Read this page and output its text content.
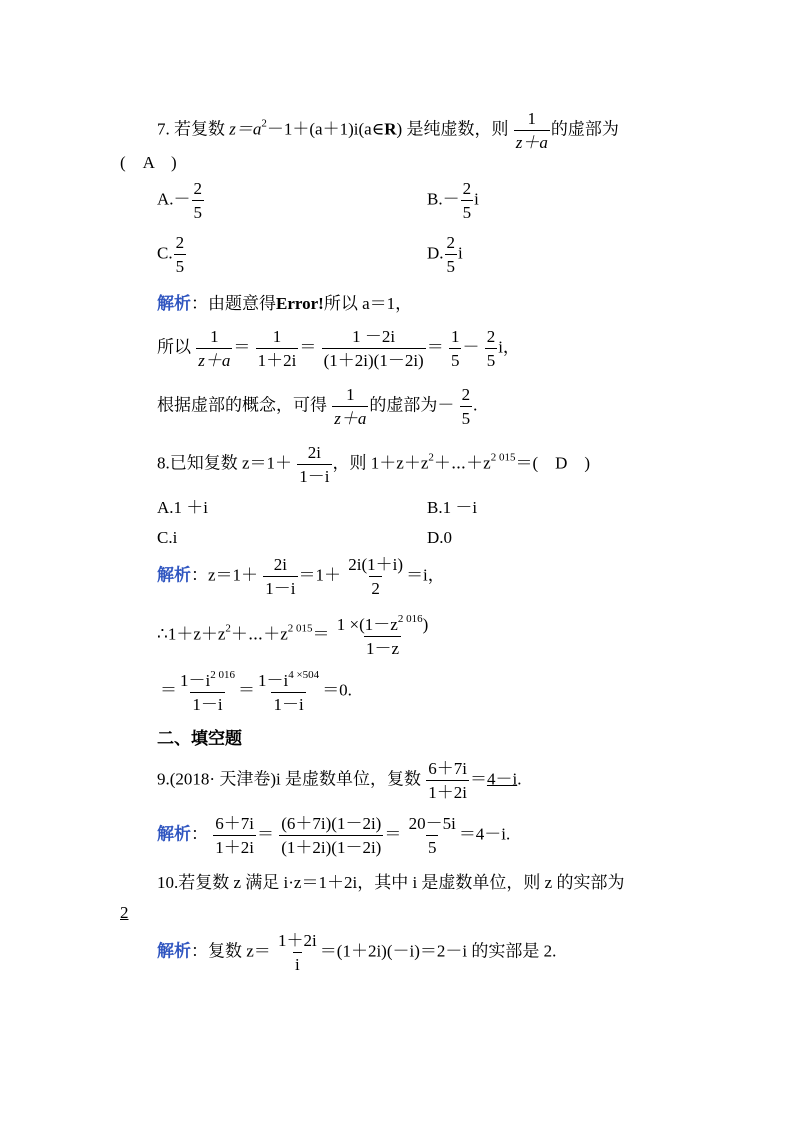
7. 若复数 $z=a^2-1+(a+1)i(a\in R)$ 是纯虚数，则 $\frac{1}{z+a}$ 的虚部为
(　A　)
$A.- \frac{2}{5}$	$B.- \frac{2}{5}$ i
C. $\frac{2}{5}$	D. $\frac{2}{5}$ i
解析：由题意得Error!所以 a＝1，
所以 $\frac{1}{z+a} = \frac{1}{1+2i} = \frac{1 -2i}{(1+2i)(1-2i)} = \frac{1}{5} - \frac{2}{5}$ i，
根据虚部的概念，可得 $\frac{1}{z+a}$ 的虚部为－ $\frac{2}{5}$ .
8.已知复数 $z=1+ \frac{2i}{1-i}$ ，则 $1+z+z^2+\cdots+z^{2 015}=$(　D　)
A.1 ＋i	B.1 －i
C.i	D.0
解析：$z=1+ \frac{2i}{1-i} =1+ \frac{2i(1+i)}{2} =i$，
$\therefore 1+z+z^2+\cdots+z^{2 015}= \frac{1 \times(1-z^{2 016})}{1-z}$
＝ $\frac{1-i^{2 016}}{1-i} = \frac{1-i^{4 \times 504}}{1-i} =0$.
二、填空题
9.(2018· 天津卷)i 是虚数单位，复数 $\frac{6+7i}{1+2i} =4-i$.
解析： $\frac{6+7i}{1+2i} = \frac{(6+7i)(1-2i)}{(1+2i)(1-2i)} = \frac{20-5i}{5} =4-i$.
10.若复数 z 满足 i·z＝1＋2i，其中 i 是虚数单位，则 z 的实部为
2
解析：复数 $z= \frac{1+2i}{i} =(1+2i)(-i)=2-i$ 的实部是 2.
